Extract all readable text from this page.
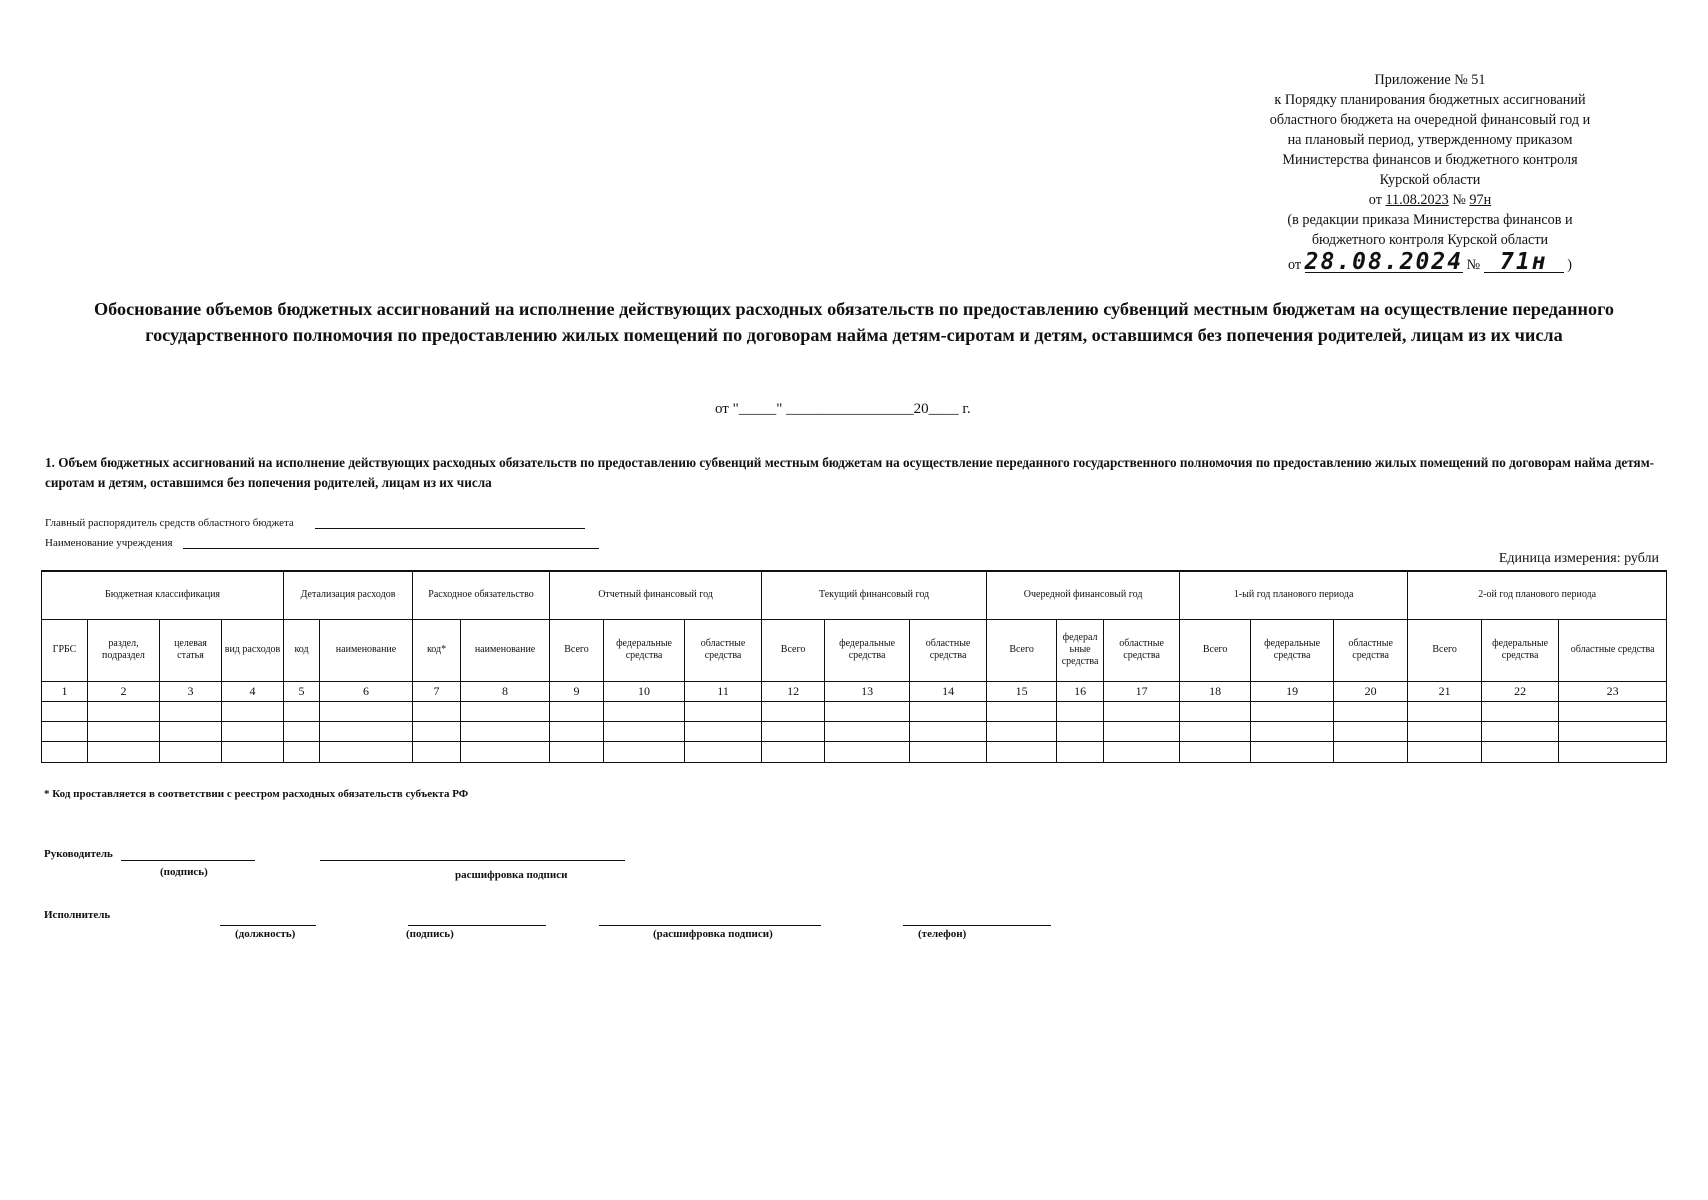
Приложение № 51
к Порядку планирования бюджетных ассигнований
областного бюджета на очередной финансовый год и
на плановый период, утвержденному приказом
Министерства финансов и бюджетного контроля
Курской области
от 11.08.2023 № 97н
(в редакции приказа Министерства финансов и
бюджетного контроля Курской области
от 28.08.2024 № 71н )
Обоснование объемов бюджетных ассигнований на исполнение действующих расходных обязательств по предоставлению субвенций местным бюджетам на осуществление переданного государственного полномочия по предоставлению жилых помещений по договорам найма детям-сиротам и детям, оставшимся без попечения родителей, лицам из их числа
от "_____" _________________20____ г.
1. Объем бюджетных ассигнований на исполнение действующих расходных обязательств по предоставлению субвенций местным бюджетам на осуществление переданного государственного полномочия по предоставлению жилых помещений по договорам найма детям-сиротам и детям, оставшимся без попечения родителей, лицам из их числа
Главный распорядитель средств областного бюджета
Наименование учреждения
Единица измерения: рубли
Бюджетная классификация				Детализация расходов		Расходное обязательство		Отчетный финансовый год			Текущий финансовый год			Очередной финансовый год			1-ый год планового периода			2-ой год планового периода		
ГРБС	раздел, подраздел	целевая статья	вид расходов	код	наименование	код*	наименование	Всего	федеральные средства	областные средства	Всего	федеральные средства	областные средства	Всего	федерал ьные средства	областные средства	Всего	федеральные средства	областные средства	Всего	федеральные средства	областные средства
1	2	3	4	5	6	7	8	9	10	11	12	13	14	15	16	17	18	19	20	21	22	23

* Код проставляется в соответствии с реестром расходных обязательств субъекта РФ
Руководитель
(подпись)	расшифровка подписи
Исполнитель
(должность)	(подпись)	(расшифровка подписи)	(телефон)
